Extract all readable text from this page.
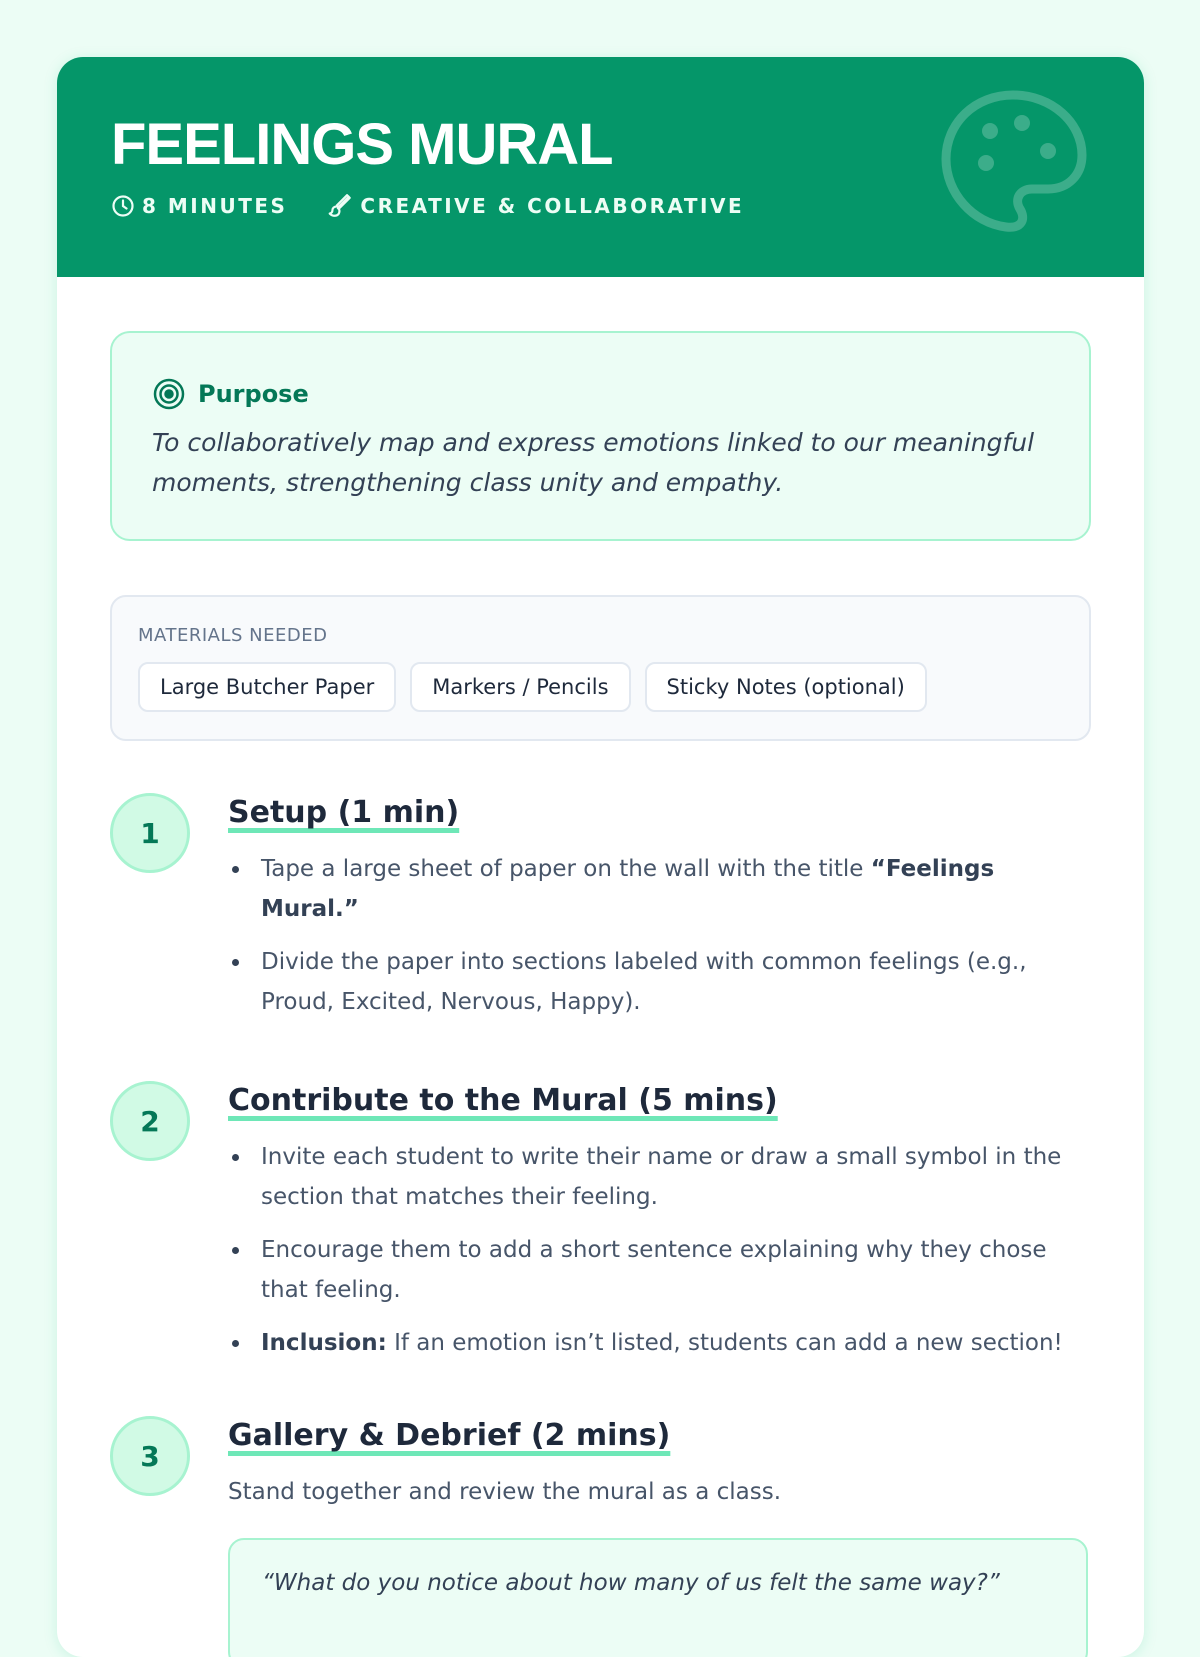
FEELINGS MURAL
8 MINUTES	CREATIVE & COLLABORATIVE
Purpose
To collaboratively map and express emotions linked to our meaningful moments, strengthening class unity and empathy.
MATERIALS NEEDED
Large Butcher Paper	Markers / Pencils	Sticky Notes (optional)
1
Setup (1 min)
Tape a large sheet of paper on the wall with the title “Feelings Mural.”
Divide the paper into sections labeled with common feelings (e.g., Proud, Excited, Nervous, Happy).
2
Contribute to the Mural (5 mins)
Invite each student to write their name or draw a small symbol in the section that matches their feeling.
Encourage them to add a short sentence explaining why they chose that feeling.
Inclusion: If an emotion isn’t listed, students can add a new section!
3
Gallery & Debrief (2 mins)
Stand together and review the mural as a class.
“What do you notice about how many of us felt the same way?”
